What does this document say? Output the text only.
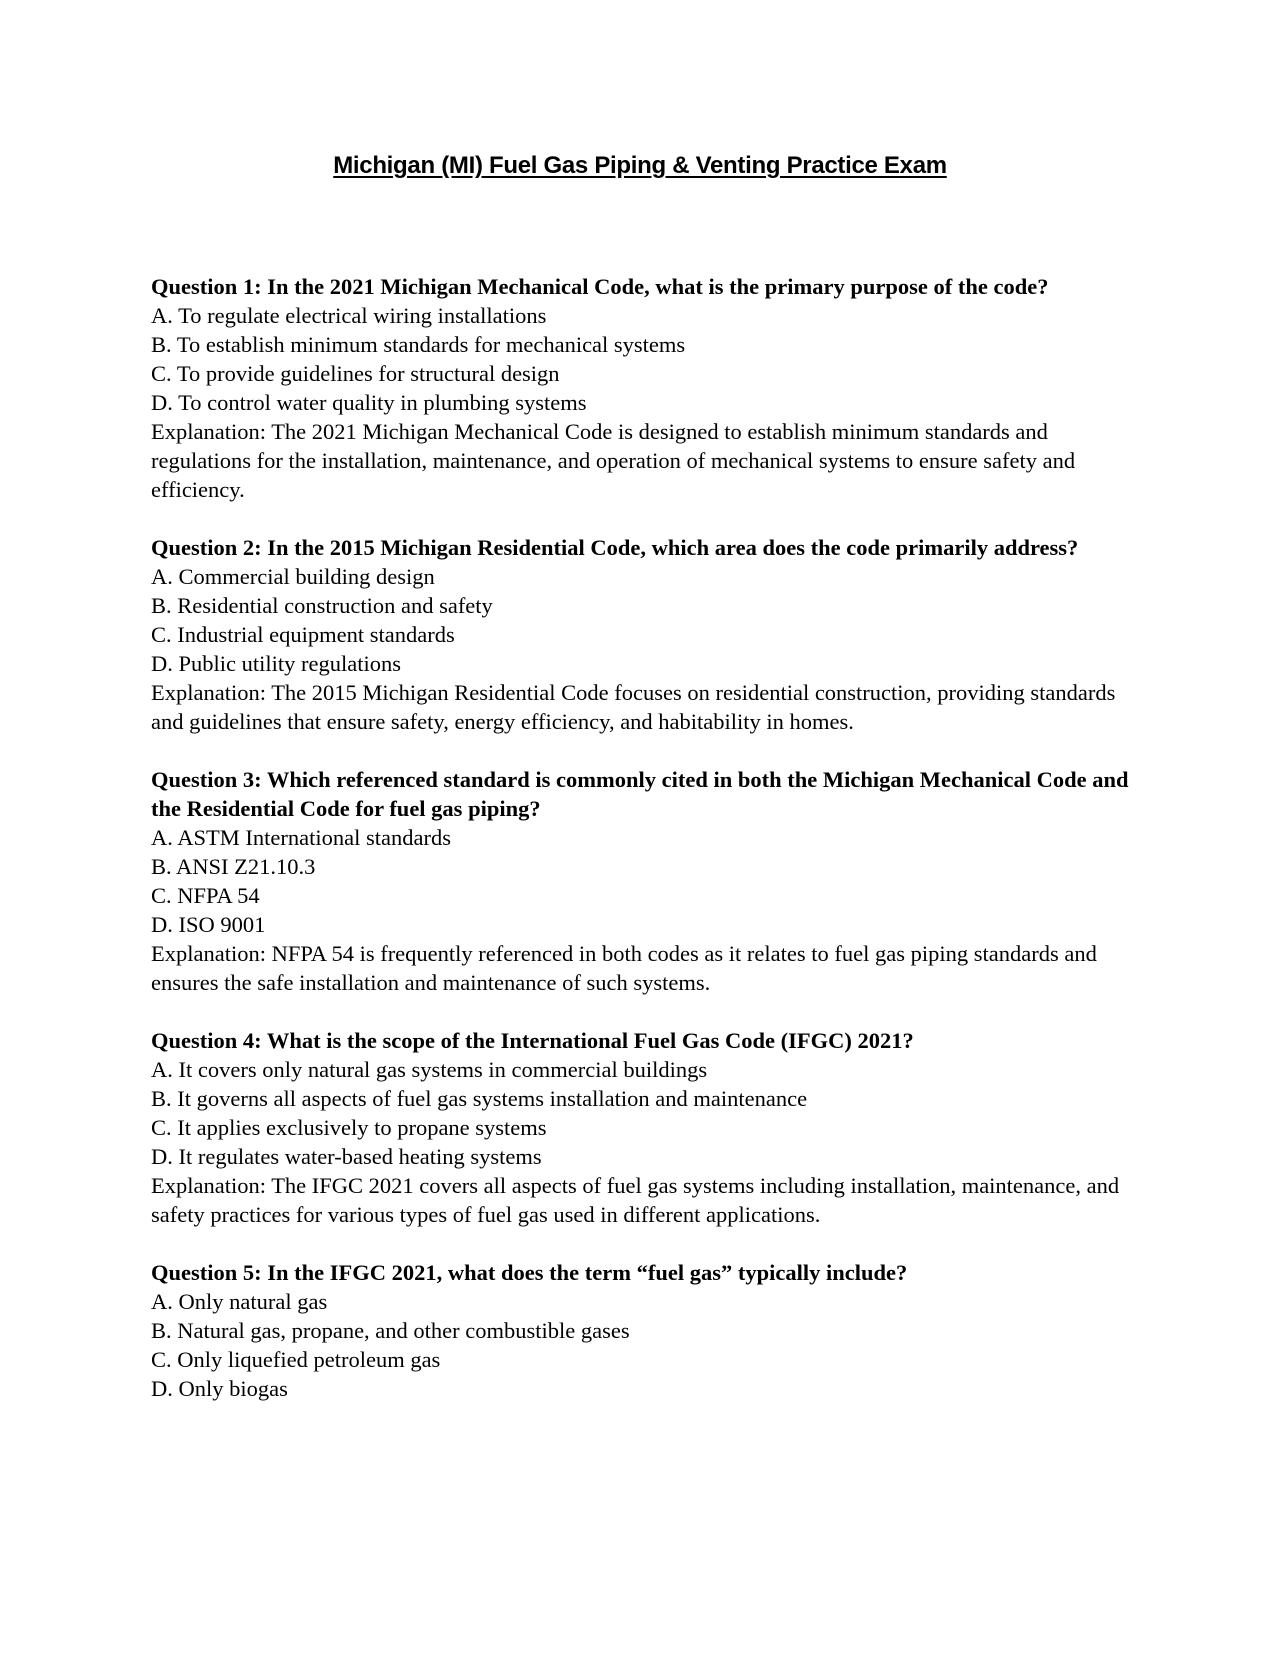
Michigan (MI) Fuel Gas Piping & Venting Practice Exam

Question 1: In the 2021 Michigan Mechanical Code, what is the primary purpose of the code?

A. To regulate electrical wiring installations

B. To establish minimum standards for mechanical systems

C. To provide guidelines for structural design

D. To control water quality in plumbing systems

Explanation: The 2021 Michigan Mechanical Code is designed to establish minimum standards and regulations for the installation, maintenance, and operation of mechanical systems to ensure safety and efficiency.

Question 2: In the 2015 Michigan Residential Code, which area does the code primarily address?

A. Commercial building design

B. Residential construction and safety

C. Industrial equipment standards

D. Public utility regulations

Explanation: The 2015 Michigan Residential Code focuses on residential construction, providing standards and guidelines that ensure safety, energy efficiency, and habitability in homes.

Question 3: Which referenced standard is commonly cited in both the Michigan Mechanical Code and the Residential Code for fuel gas piping?

A. ASTM International standards

B. ANSI Z21.10.3

C. NFPA 54

D. ISO 9001

Explanation: NFPA 54 is frequently referenced in both codes as it relates to fuel gas piping standards and ensures the safe installation and maintenance of such systems.

Question 4: What is the scope of the International Fuel Gas Code (IFGC) 2021?

A. It covers only natural gas systems in commercial buildings

B. It governs all aspects of fuel gas systems installation and maintenance

C. It applies exclusively to propane systems

D. It regulates water-based heating systems

Explanation: The IFGC 2021 covers all aspects of fuel gas systems including installation, maintenance, and safety practices for various types of fuel gas used in different applications.

Question 5: In the IFGC 2021, what does the term “fuel gas” typically include?

A. Only natural gas

B. Natural gas, propane, and other combustible gases

C. Only liquefied petroleum gas

D. Only biogas
